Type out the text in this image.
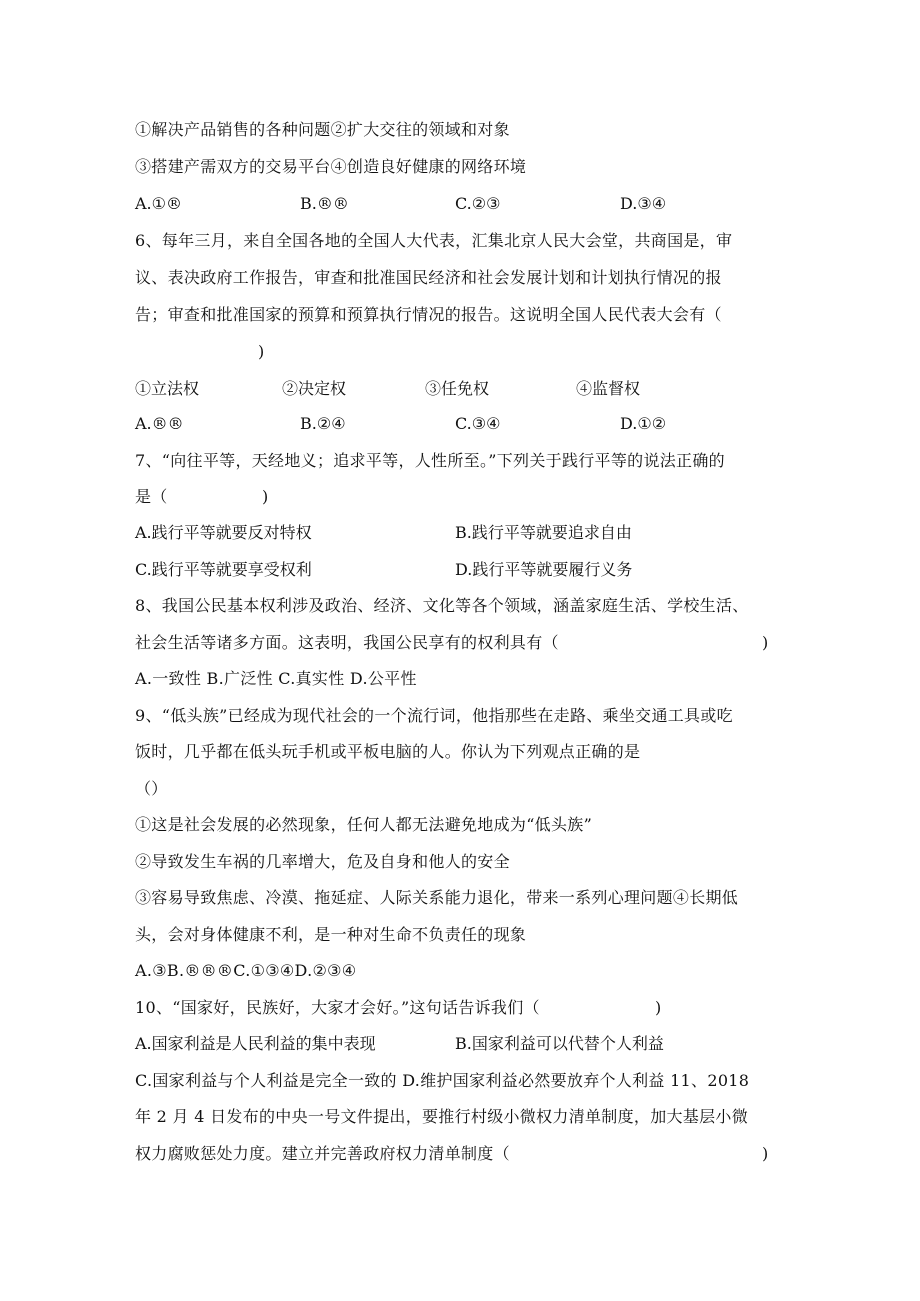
①解决产品销售的各种问题②扩大交往的领域和对象
③搭建产需双方的交易平台④创造良好健康的网络环境
A.①®	B.®®	C.②③	D.③④
6、每年三月，来自全国各地的全国人大代表，汇集北京人民大会堂，共商国是，审
议、表决政府工作报告，审查和批准国民经济和社会发展计划和计划执行情况的报
告；审查和批准国家的预算和预算执行情况的报告。这说明全国人民代表大会有（
)
①立法权	②决定权	③任免权	④监督权
A.®®	B.②④	C.③④	D.①②
7、“向往平等，天经地义；追求平等，人性所至。”下列关于践行平等的说法正确的
是（	)
A.践行平等就要反对特权	B.践行平等就要追求自由
C.践行平等就要享受权利	D.践行平等就要履行义务
8、我国公民基本权利涉及政治、经济、文化等各个领域，涵盖家庭生活、学校生活、
社会生活等诸多方面。这表明，我国公民享有的权利具有（	)
A.一致性 B.广泛性 C.真实性 D.公平性
9、“低头族”已经成为现代社会的一个流行词，他指那些在走路、乘坐交通工具或吃
饭时，几乎都在低头玩手机或平板电脑的人。你认为下列观点正确的是
（）
①这是社会发展的必然现象，任何人都无法避免地成为“低头族”
②导致发生车祸的几率增大，危及自身和他人的安全
③容易导致焦虑、冷漠、拖延症、人际关系能力退化，带来一系列心理问题④长期低
头，会对身体健康不利，是一种对生命不负责任的现象
A.③B.®®®C.①③④D.②③④
10、“国家好，民族好，大家才会好。”这句话告诉我们（	)
A.国家利益是人民利益的集中表现	B.国家利益可以代替个人利益
C.国家利益与个人利益是完全一致的 D.维护国家利益必然要放弃个人利益 11、2018
年 2 月 4 日发布的中央一号文件提出，要推行村级小微权力清单制度，加大基层小微
权力腐败惩处力度。建立并完善政府权力清单制度（	)
